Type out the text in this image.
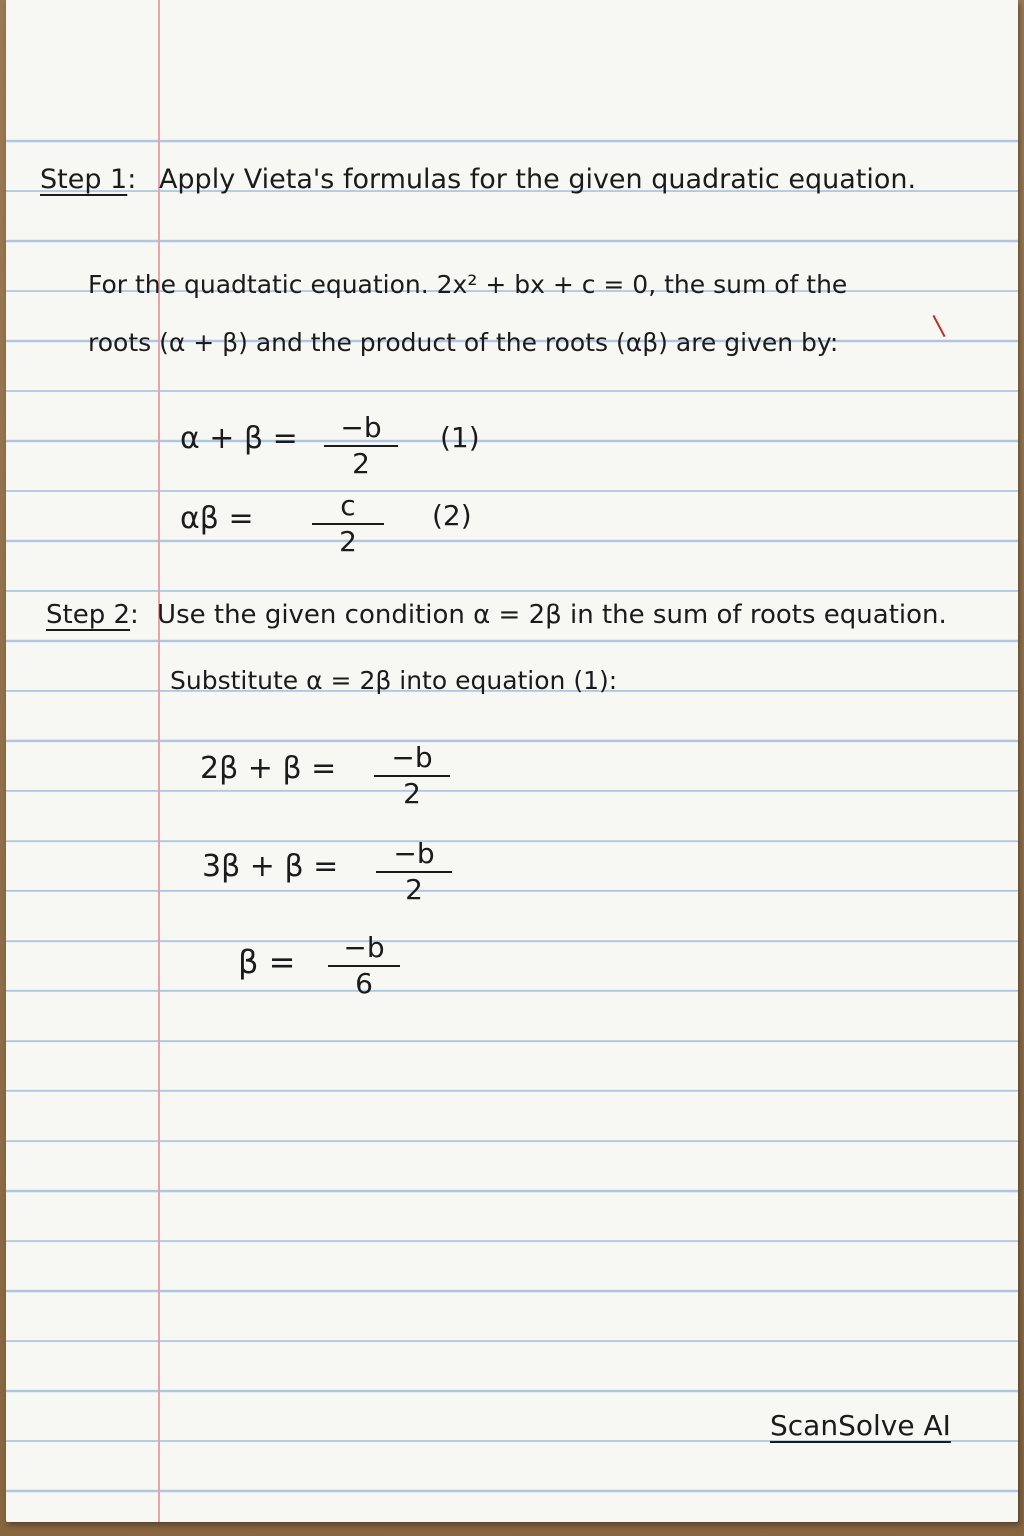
Step 1: Apply Vieta's formulas for the given quadratic equation.
For the quadtatic equation. 2x² + bx + c = 0, the sum of the
roots (α + β) and the product of the roots (αβ) are given by:
α + β =	−b
2
(1)
αβ =	c
2
(2)
Step 2: Use the given condition α = 2β in the sum of roots equation.
Substitute α = 2β into equation (1):
2β + β =	−b
2
3β + β =	−b
2
β =	−b
6
ScanSolve AI
